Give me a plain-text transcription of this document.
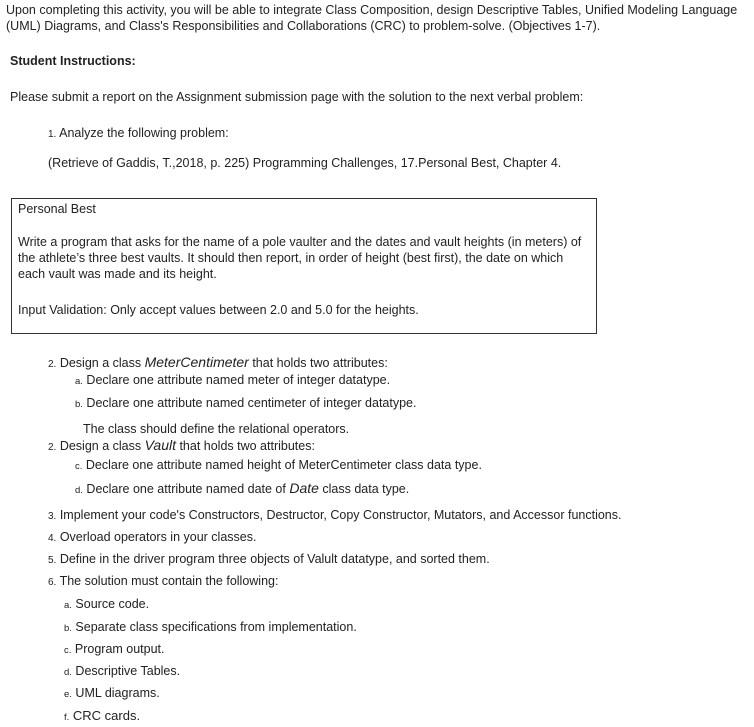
Upon completing this activity, you will be able to integrate Class Composition, design Descriptive Tables, Unified Modeling Language
(UML) Diagrams, and Class's Responsibilities and Collaborations (CRC) to problem-solve. (Objectives 1-7).
Student Instructions:
Please submit a report on the Assignment submission page with the solution to the next verbal problem:
1. Analyze the following problem:
(Retrieve of Gaddis, T.,2018, p. 225) Programming Challenges, 17.Personal Best, Chapter 4.
Personal Best
Write a program that asks for the name of a pole vaulter and the dates and vault heights (in meters) of the athlete’s three best vaults. It should then report, in order of height (best first), the date on which each vault was made and its height.
Input Validation: Only accept values between 2.0 and 5.0 for the heights.
2. Design a class MeterCentimeter that holds two attributes:
a. Declare one attribute named meter of integer datatype.
b. Declare one attribute named centimeter of integer datatype.
The class should define the relational operators.
2. Design a class Vault that holds two attributes:
c. Declare one attribute named height of MeterCentimeter class data type.
d. Declare one attribute named date of Date class data type.
3. Implement your code's Constructors, Destructor, Copy Constructor, Mutators, and Accessor functions.
4. Overload operators in your classes.
5. Define in the driver program three objects of Valult datatype, and sorted them.
6. The solution must contain the following:
a. Source code.
b. Separate class specifications from implementation.
c. Program output.
d. Descriptive Tables.
e. UML diagrams.
f. CRC cards.
